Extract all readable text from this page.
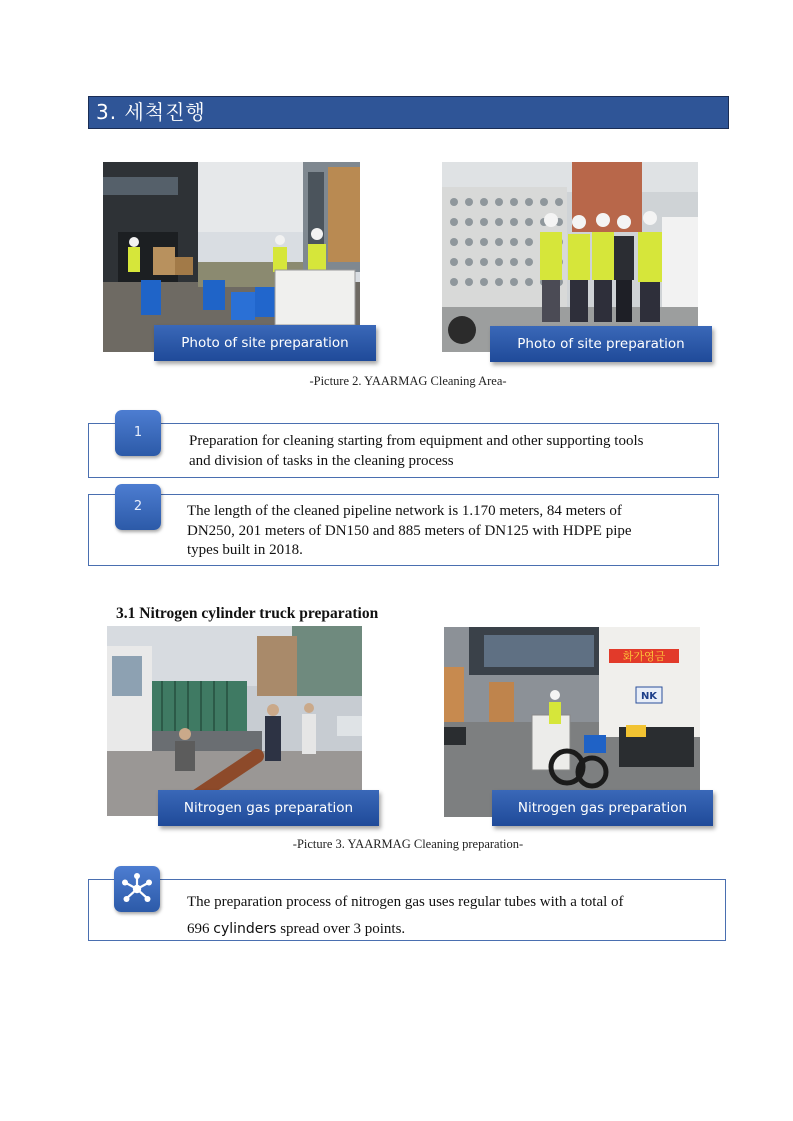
3. 세척진행
Photo of site preparation	Photo of site preparation
-Picture 2. YAARMAG Cleaning Area-
1
Preparation for cleaning starting from equipment and other supporting tools
and division of tasks in the cleaning process
2	The length of the cleaned pipeline network is 1.170 meters, 84 meters of
DN250, 201 meters of DN150 and 885 meters of DN125 with HDPE pipe
types built in 2018.
3.1 Nitrogen cylinder truck preparation
Nitrogen gas preparation
화가영금
NK
Nitrogen gas preparation
-Picture 3. YAARMAG Cleaning preparation-
The preparation process of nitrogen gas uses regular tubes with a total of
696 cylinders spread over 3 points.
